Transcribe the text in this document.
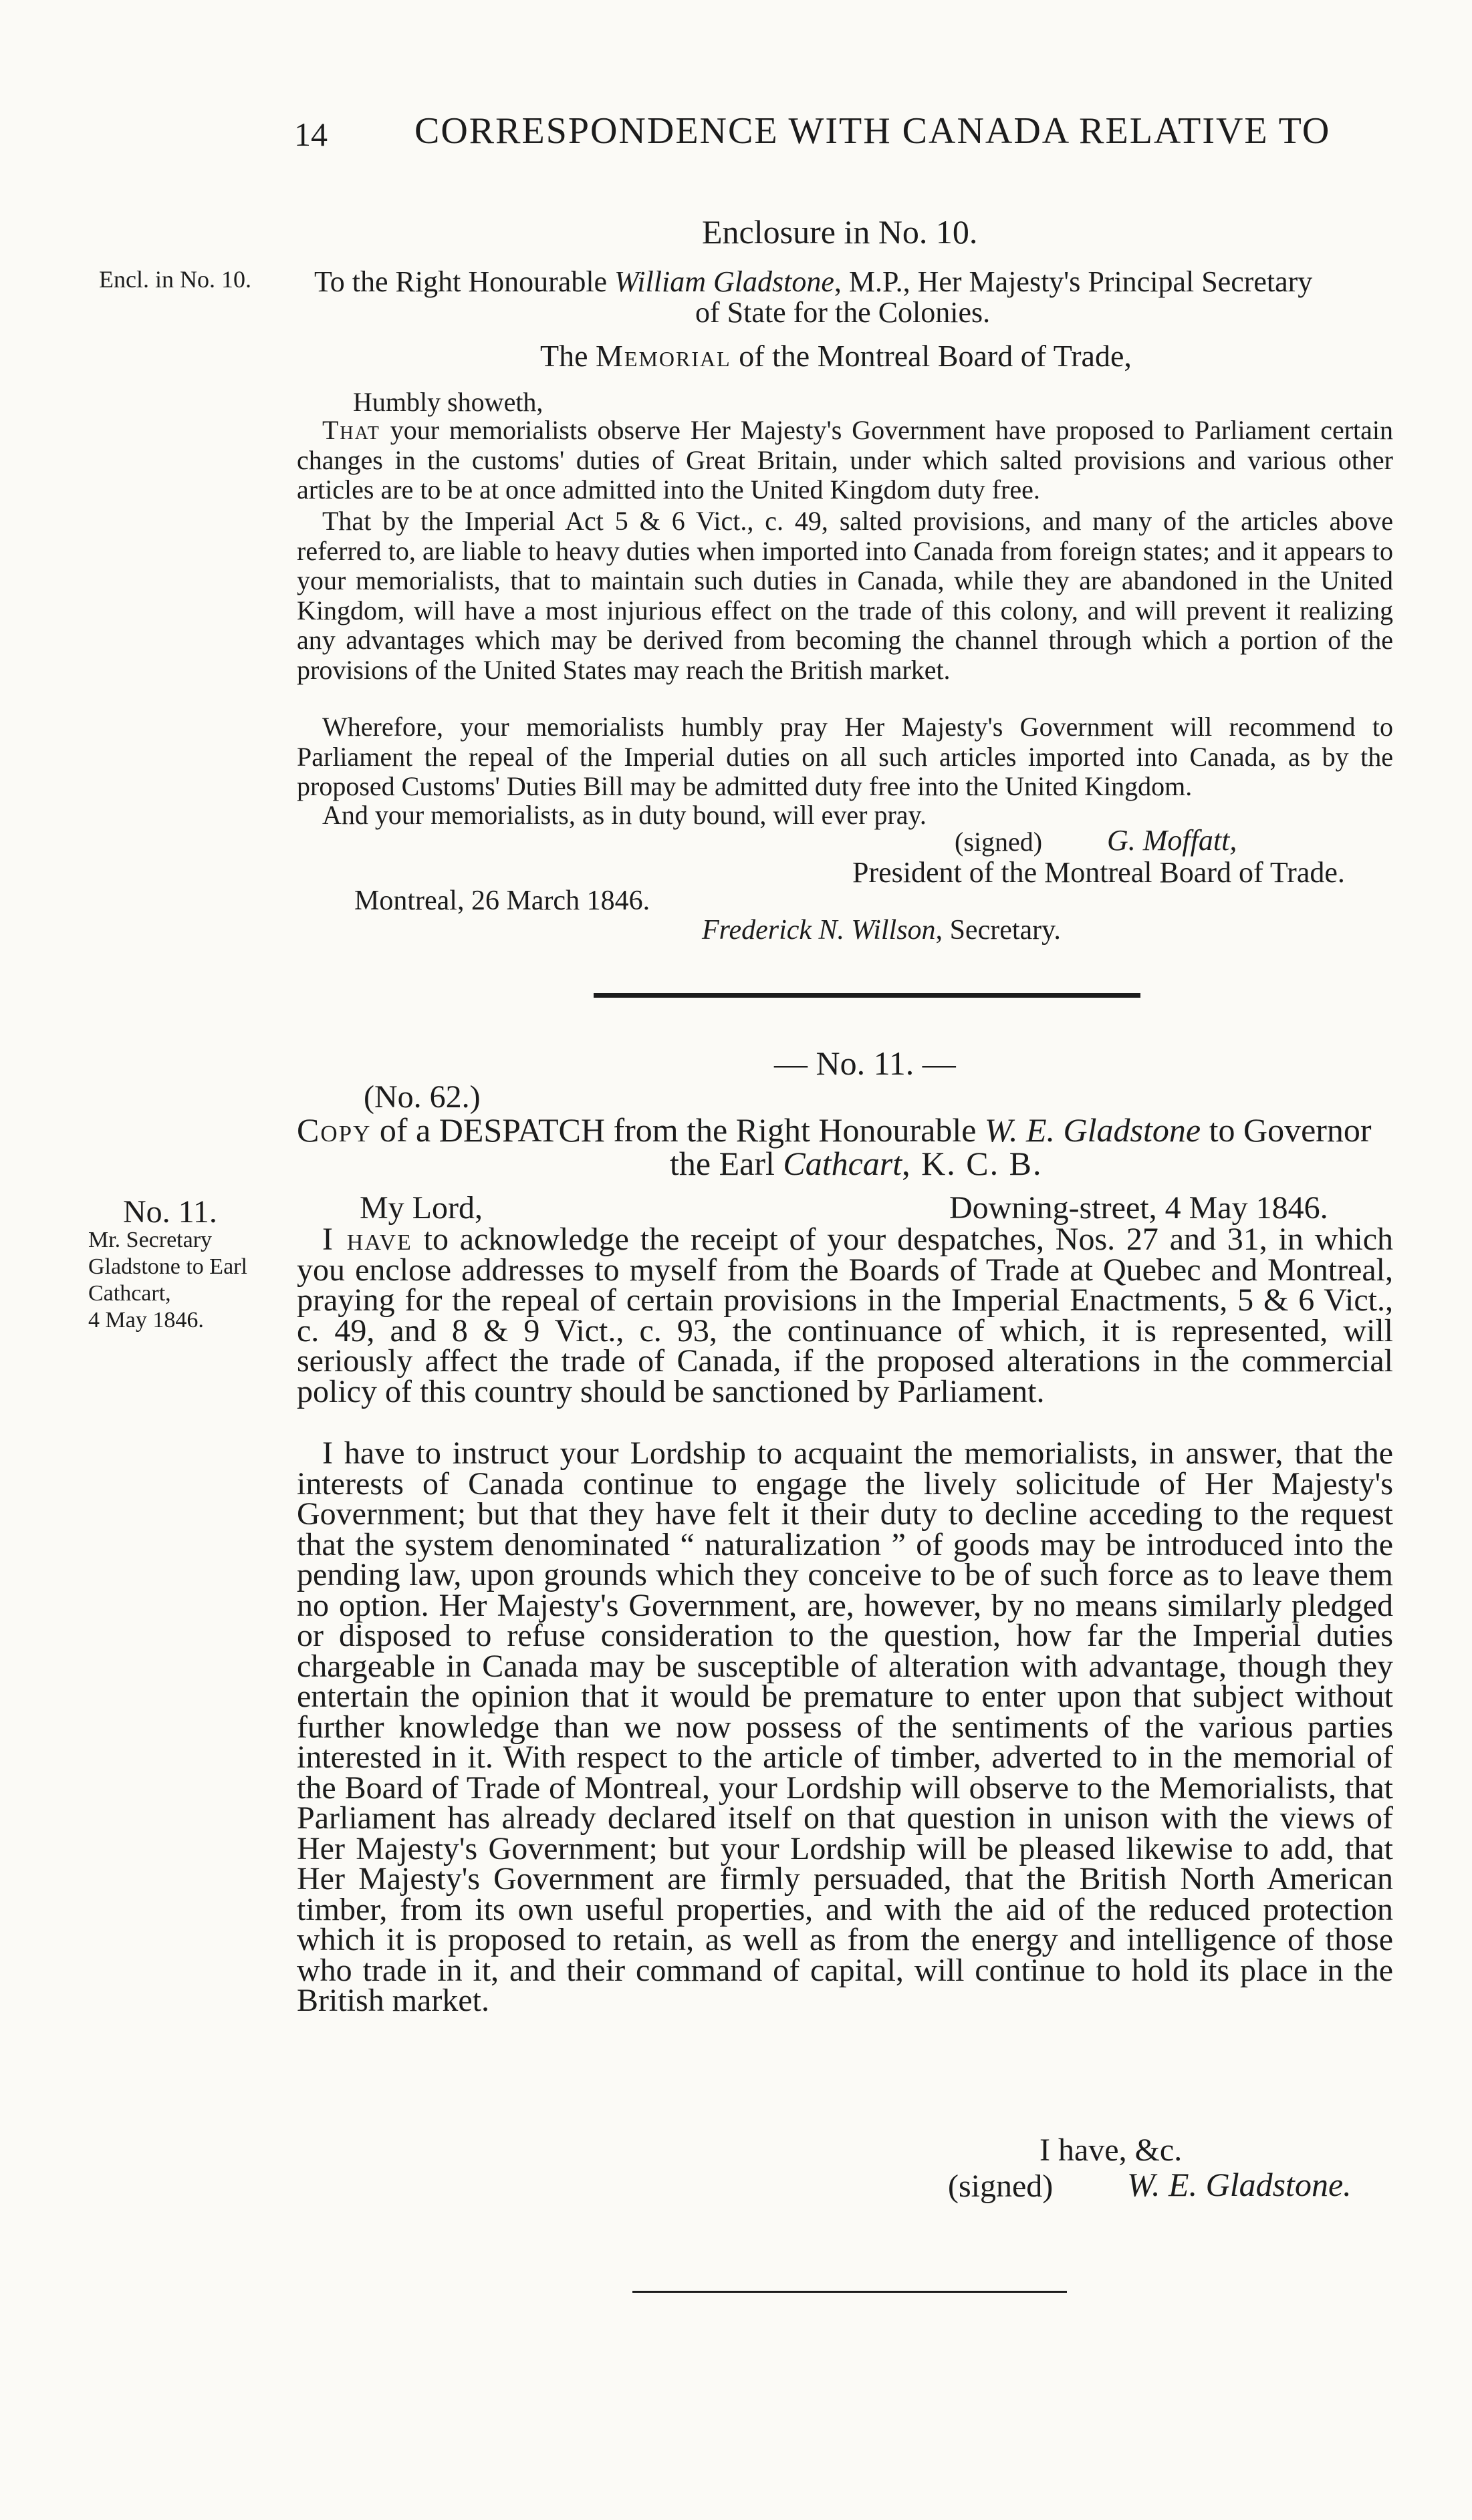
14 CORRESPONDENCE WITH CANADA RELATIVE TO
Enclosure in No. 10.
Encl. in No. 10. To the Right Honourable William Gladstone, M.P., Her Majesty's Principal Secretary
of State for the Colonies.
The Memorial of the Montreal Board of Trade,
Humbly showeth,
That your memorialists observe Her Majesty's Government have proposed to Parliament certain changes in the customs' duties of Great Britain, under which salted provisions and various other articles are to be at once admitted into the United Kingdom duty free.
That by the Imperial Act 5 & 6 Vict., c. 49, salted provisions, and many of the articles above referred to, are liable to heavy duties when imported into Canada from foreign states; and it appears to your memorialists, that to maintain such duties in Canada, while they are abandoned in the United Kingdom, will have a most injurious effect on the trade of this colony, and will prevent it realizing any advantages which may be derived from becoming the channel through which a portion of the provisions of the United States may reach the British market.
Wherefore, your memorialists humbly pray Her Majesty's Government will recommend to Parliament the repeal of the Imperial duties on all such articles imported into Canada, as by the proposed Customs' Duties Bill may be admitted duty free into the United Kingdom.
And your memorialists, as in duty bound, will ever pray.
(signed) G. Moffatt,
President of the Montreal Board of Trade.
Montreal, 26 March 1846.
Frederick N. Willson, Secretary.
— No. 11. —
(No. 62.)
Copy of a DESPATCH from the Right Honourable W. E. Gladstone to Governor
the Earl Cathcart, K. C. B.
No. 11.
Mr. Secretary
Gladstone to Earl
Cathcart,
4 May 1846.
My Lord,	Downing-street, 4 May 1846.
I have to acknowledge the receipt of your despatches, Nos. 27 and 31, in which you enclose addresses to myself from the Boards of Trade at Quebec and Montreal, praying for the repeal of certain provisions in the Imperial Enactments, 5 & 6 Vict., c. 49, and 8 & 9 Vict., c. 93, the continuance of which, it is represented, will seriously affect the trade of Canada, if the proposed alterations in the commercial policy of this country should be sanctioned by Parliament.
I have to instruct your Lordship to acquaint the memorialists, in answer, that the interests of Canada continue to engage the lively solicitude of Her Majesty's Government; but that they have felt it their duty to decline acceding to the request that the system denominated “ naturalization ” of goods may be introduced into the pending law, upon grounds which they conceive to be of such force as to leave them no option. Her Majesty's Government, are, however, by no means similarly pledged or disposed to refuse consideration to the question, how far the Imperial duties chargeable in Canada may be susceptible of alteration with advantage, though they entertain the opinion that it would be premature to enter upon that subject without further knowledge than we now possess of the sentiments of the various parties interested in it. With respect to the article of timber, adverted to in the memorial of the Board of Trade of Montreal, your Lordship will observe to the Memorialists, that Parliament has already declared itself on that question in unison with the views of Her Majesty's Government; but your Lordship will be pleased likewise to add, that Her Majesty's Government are firmly persuaded, that the British North American timber, from its own useful properties, and with the aid of the reduced protection which it is proposed to retain, as well as from the energy and intelligence of those who trade in it, and their command of capital, will continue to hold its place in the British market.
I have, &c.
(signed) W. E. Gladstone.
